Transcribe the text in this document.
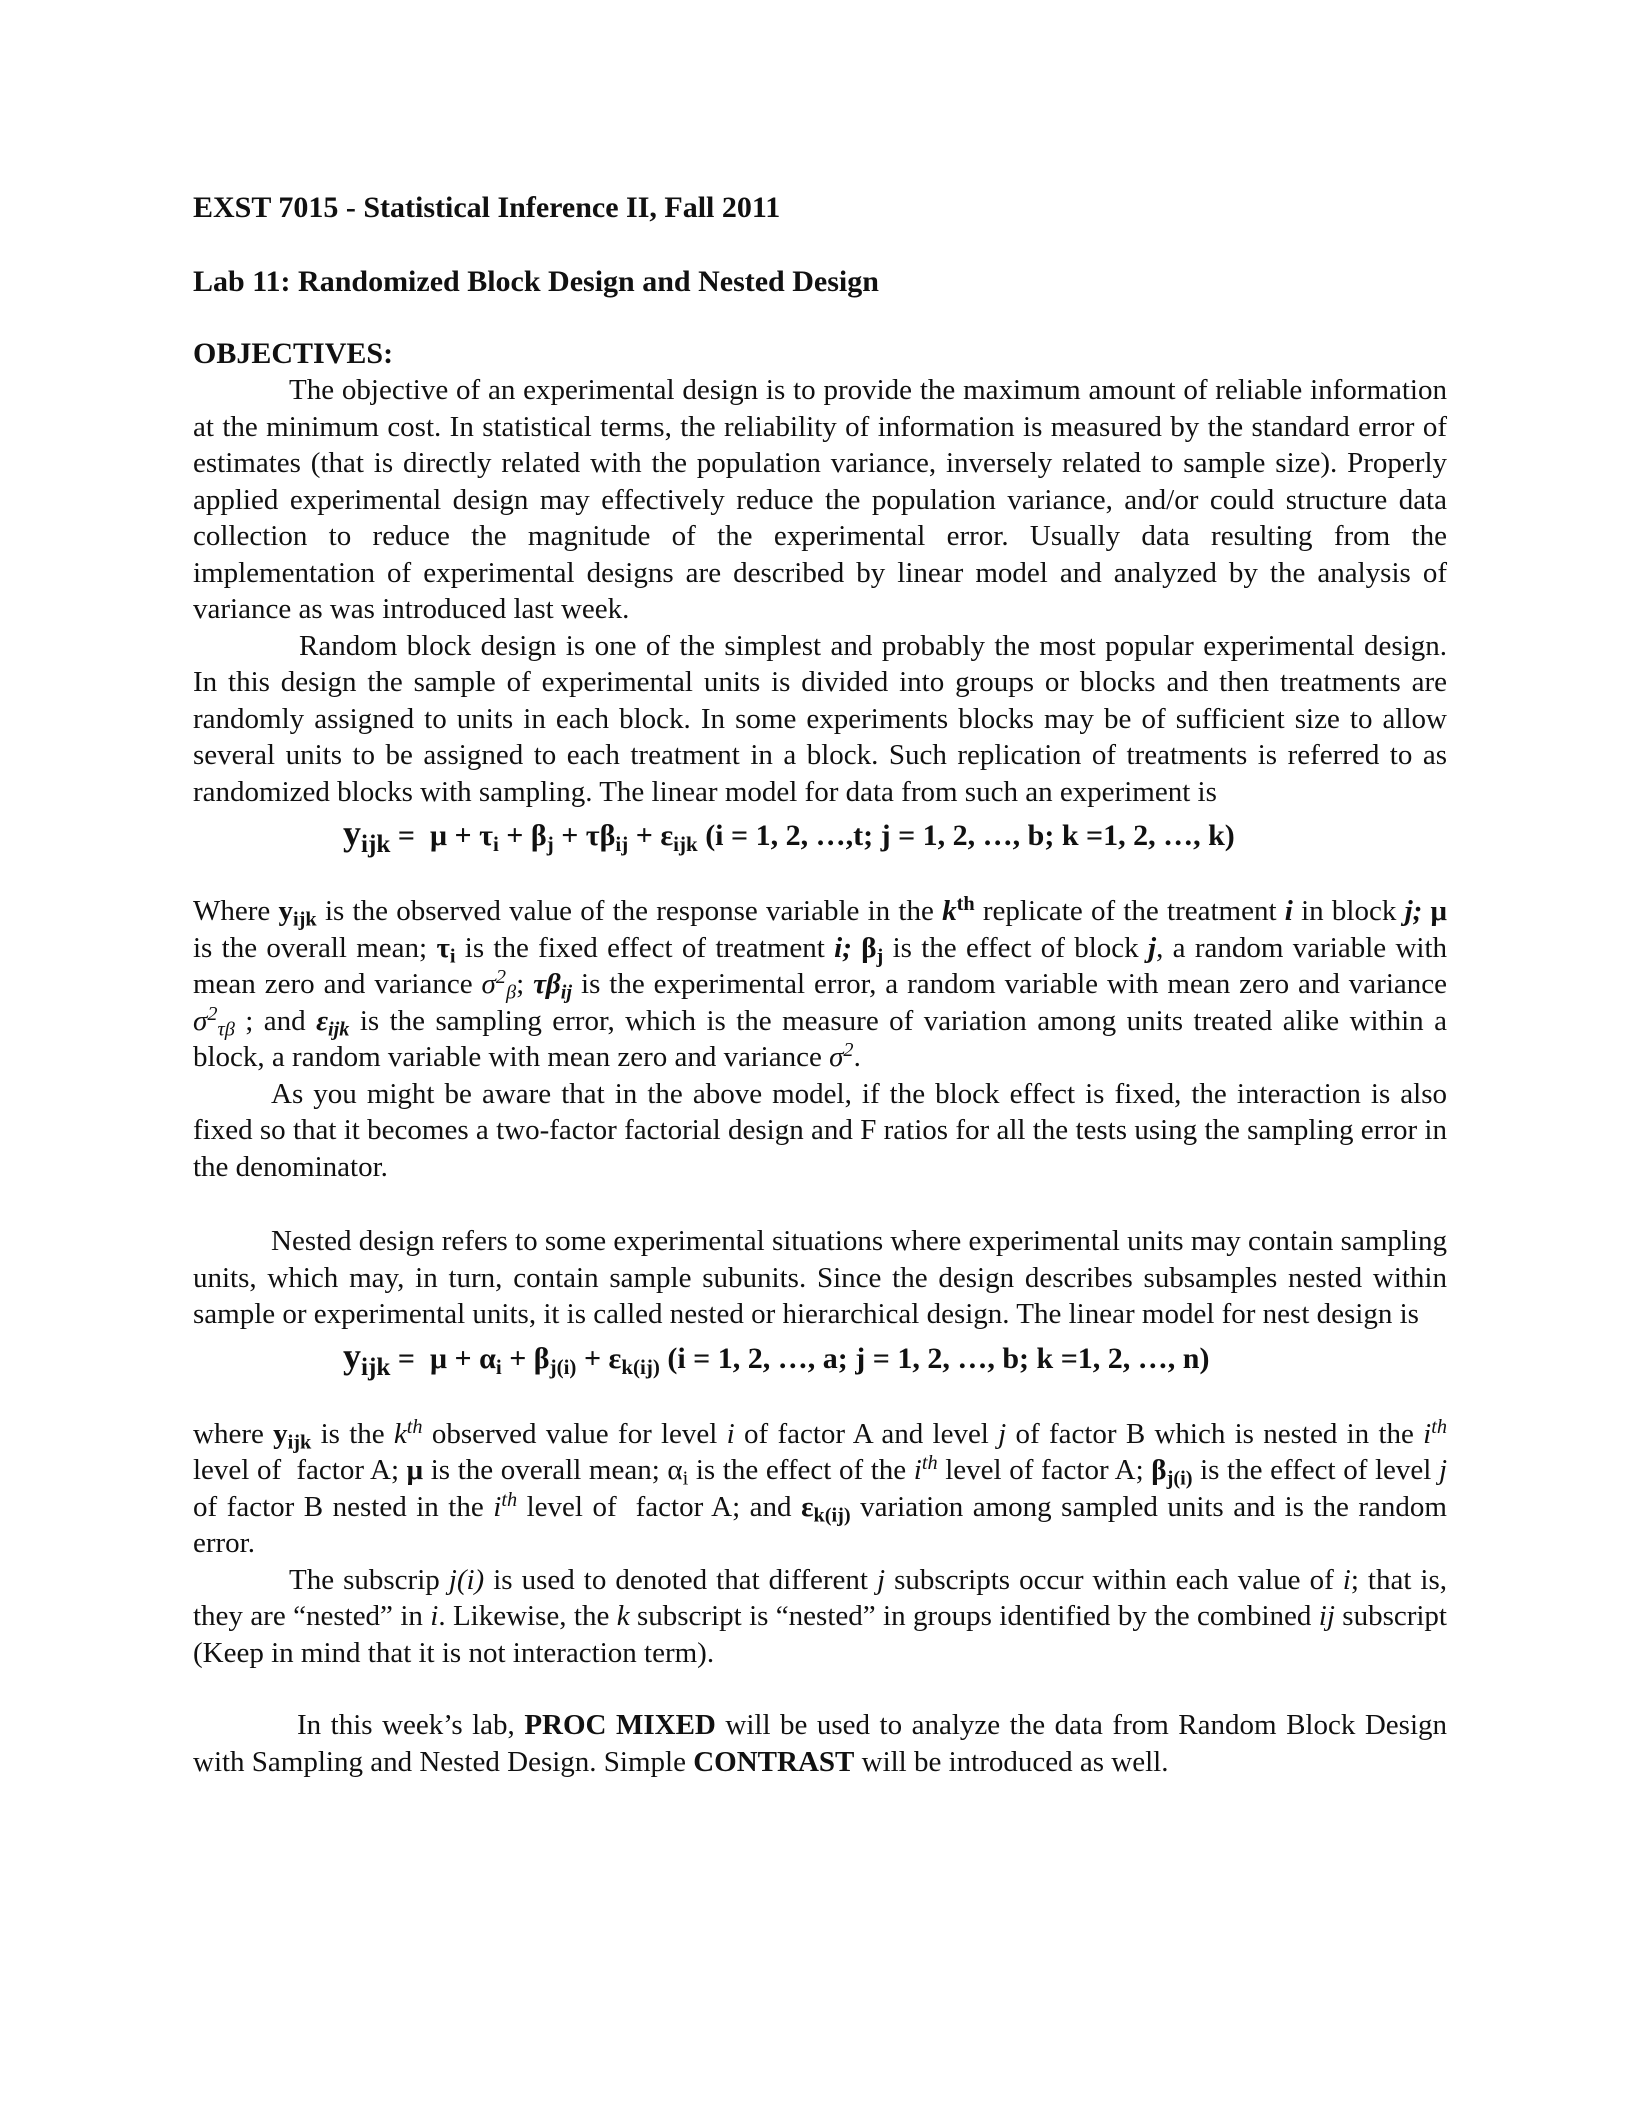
EXST 7015 - Statistical Inference II, Fall 2011
Lab 11: Randomized Block Design and Nested Design
OBJECTIVES:

The objective of an experimental design is to provide the maximum amount of reliable information at the minimum cost. In statistical terms, the reliability of information is measured by the standard error of estimates (that is directly related with the population variance, inversely related to sample size). Properly applied experimental design may effectively reduce the population variance, and/or could structure data collection to reduce the magnitude of the experimental error. Usually data resulting from the implementation of experimental designs are described by linear model and analyzed by the analysis of variance as was introduced last week.

Random block design is one of the simplest and probably the most popular experimental design. In this design the sample of experimental units is divided into groups or blocks and then treatments are randomly assigned to units in each block. In some experiments blocks may be of sufficient size to allow several units to be assigned to each treatment in a block. Such replication of treatments is referred to as randomized blocks with sampling. The linear model for data from such an experiment is

$y_{ijk} = \mu + \tau_i + \beta_j + \tau\beta_{ij} + \varepsilon_{ijk}$ (i = 1, 2, …,t; j = 1, 2, …, b; k =1, 2, …, k)

Where $y_{ijk}$ is the observed value of the response variable in the $k^{th}$ replicate of the treatment i in block j; μ is the overall mean; $\tau_i$ is the fixed effect of treatment i; $\beta_j$ is the effect of block j, a random variable with mean zero and variance $\sigma^2_\beta$; $\tau\beta_{ij}$ is the experimental error, a random variable with mean zero and variance $\sigma^2_{\tau\beta}$ ; and $\varepsilon_{ijk}$ is the sampling error, which is the measure of variation among units treated alike within a block, a random variable with mean zero and variance $\sigma^2$.

As you might be aware that in the above model, if the block effect is fixed, the interaction is also fixed so that it becomes a two-factor factorial design and F ratios for all the tests using the sampling error in the denominator.

Nested design refers to some experimental situations where experimental units may contain sampling units, which may, in turn, contain sample subunits. Since the design describes subsamples nested within sample or experimental units, it is called nested or hierarchical design. The linear model for nest design is

$y_{ijk} = \mu + \alpha_i + \beta_{j(i)} + \varepsilon_{k(ij)}$ (i = 1, 2, …, a; j = 1, 2, …, b; k =1, 2, …, n)

where $y_{ijk}$ is the $k^{th}$ observed value for level i of factor A and level j of factor B which is nested in the $i^{th}$ level of  factor A; μ is the overall mean; $\alpha_i$ is the effect of the $i^{th}$ level of factor A; $\beta_{j(i)}$ is the effect of level j of factor B nested in the $i^{th}$ level of  factor A; and $\varepsilon_{k(ij)}$ variation among sampled units and is the random error.

The subscrip j(i) is used to denoted that different j subscripts occur within each value of i; that is, they are “nested” in i. Likewise, the k subscript is “nested” in groups identified by the combined ij subscript (Keep in mind that it is not interaction term).

In this week’s lab, PROC MIXED will be used to analyze the data from Random Block Design with Sampling and Nested Design. Simple CONTRAST will be introduced as well.
